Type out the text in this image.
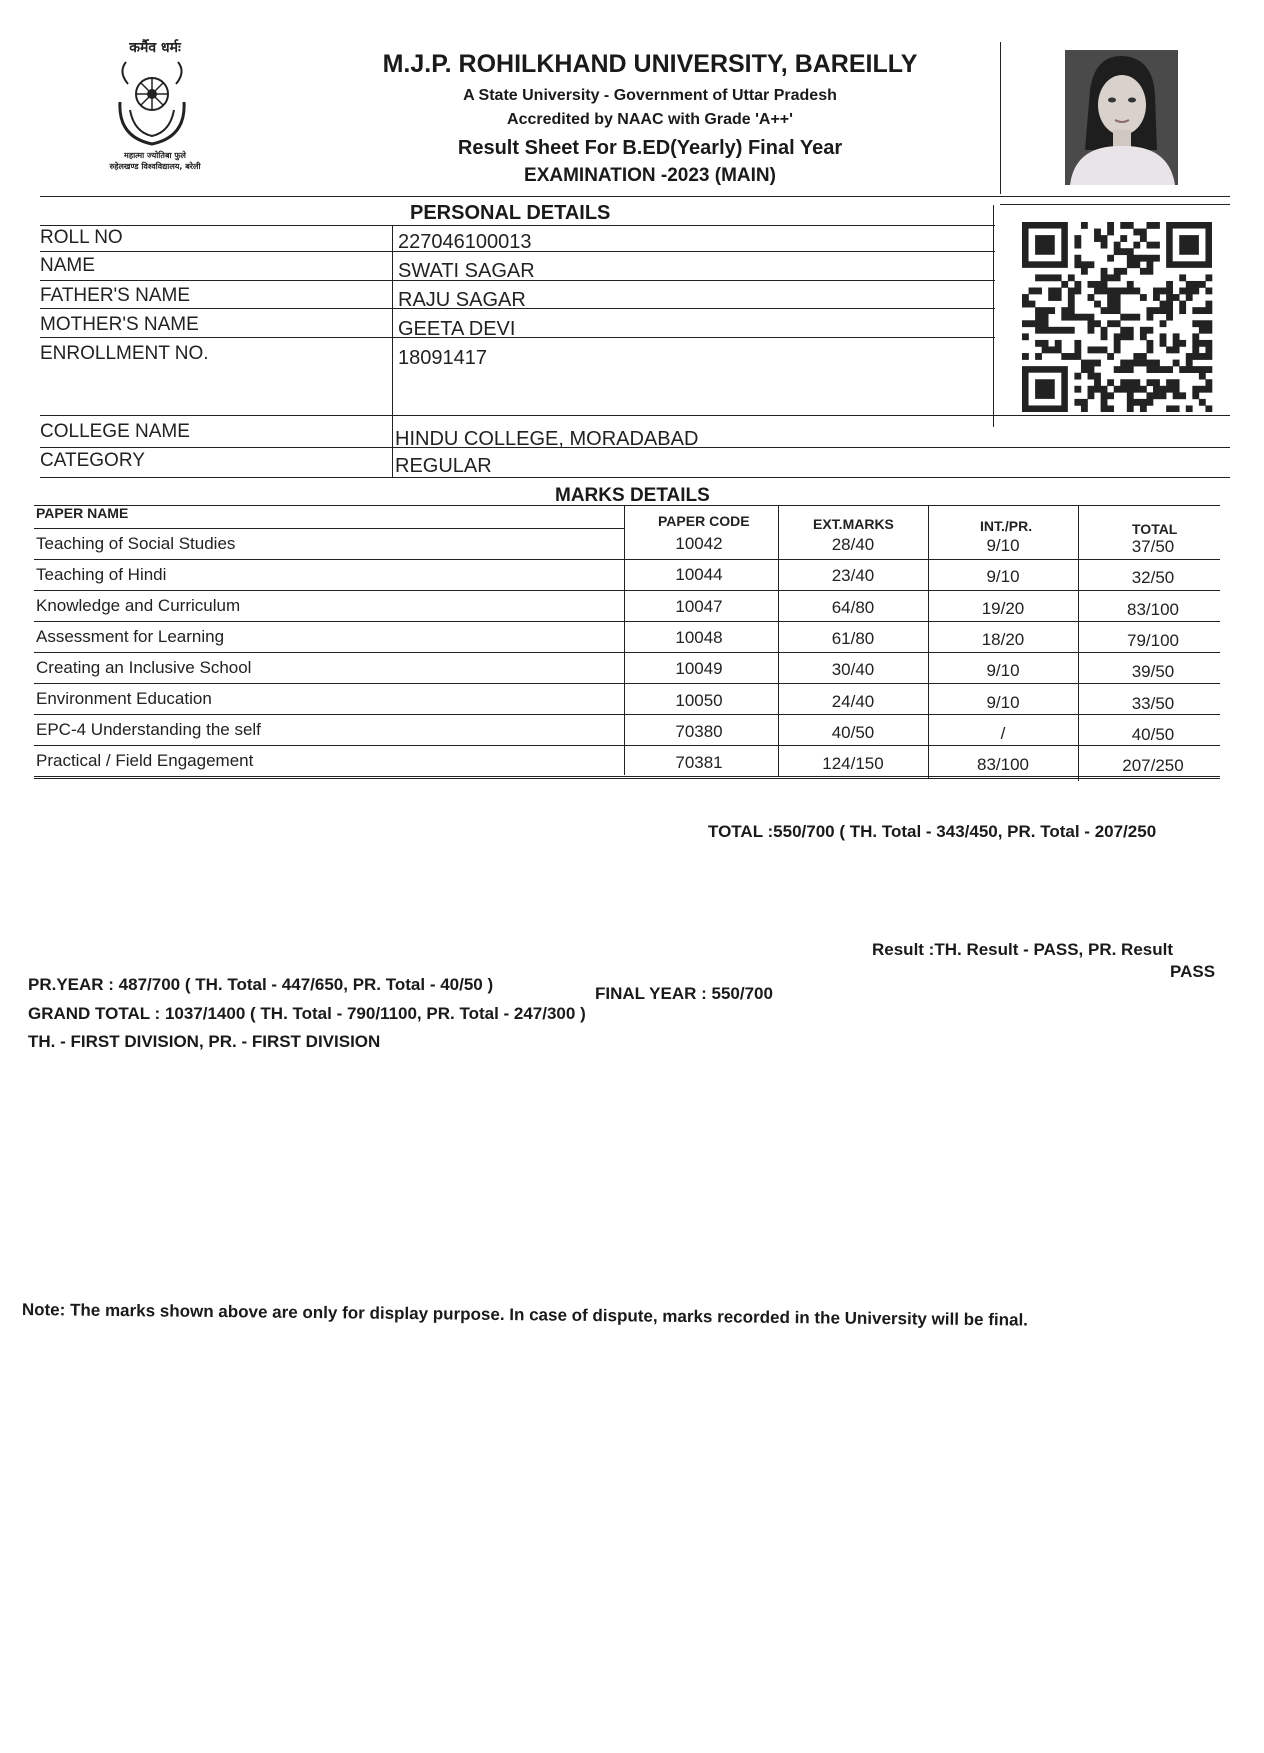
कर्मैव धर्मः
महात्मा ज्योतिबा फुले
रुहेलखण्ड विश्वविद्यालय, बरेली
M.J.P. ROHILKHAND UNIVERSITY, BAREILLY
A State University - Government of Uttar Pradesh
Accredited by NAAC with Grade 'A++'
Result Sheet For B.ED(Yearly) Final Year
EXAMINATION -2023 (MAIN)
PERSONAL DETAILS
ROLL NO	227046100013
NAME	SWATI SAGAR
FATHER'S NAME	RAJU SAGAR
MOTHER'S NAME	GEETA DEVI
ENROLLMENT NO.	18091417
COLLEGE NAME	HINDU COLLEGE, MORADABAD
CATEGORY	REGULAR
MARKS DETAILS
PAPER NAME	PAPER CODE	EXT.MARKS	INT./PR.	TOTAL
Teaching of Social Studies	10042	28/40	9/10	37/50
Teaching of Hindi	10044	23/40	9/10	32/50
Knowledge and Curriculum	10047	64/80	19/20	83/100
Assessment for Learning	10048	61/80	18/20	79/100
Creating an Inclusive School	10049	30/40	9/10	39/50
Environment Education	10050	24/40	9/10	33/50
EPC-4 Understanding the self	70380	40/50	/	40/50
Practical / Field Engagement	70381	124/150	83/100	207/250
TOTAL :550/700 ( TH. Total - 343/450, PR. Total - 207/250
Result :TH. Result - PASS, PR. Result
PASS
PR.YEAR : 487/700 ( TH. Total - 447/650, PR. Total - 40/50 )	FINAL YEAR : 550/700
GRAND TOTAL : 1037/1400 ( TH. Total - 790/1100, PR. Total - 247/300 )
TH. - FIRST DIVISION, PR. - FIRST DIVISION
Note: The marks shown above are only for display purpose. In case of dispute, marks recorded in the University will be final.
